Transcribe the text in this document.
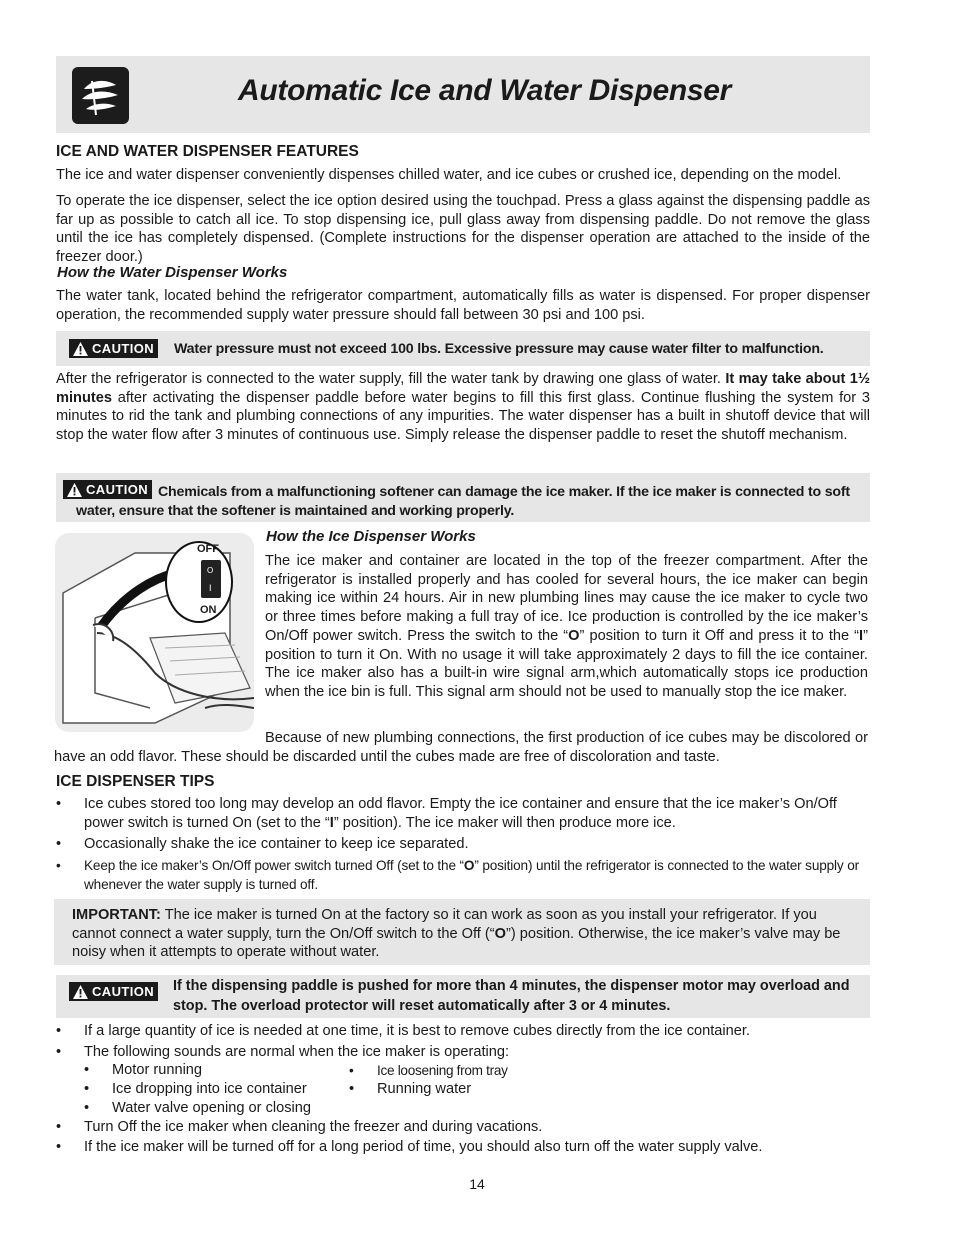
Automatic Ice and Water Dispenser
ICE AND WATER DISPENSER FEATURES
The ice and water dispenser conveniently dispenses chilled water, and ice cubes or crushed ice, depending on the model.
To operate the ice dispenser, select the ice option desired using the touchpad. Press a glass against the dispensing paddle as far up as possible to catch all ice. To stop dispensing ice, pull glass away from dispensing paddle. Do not remove the glass until the ice has completely dispensed. (Complete instructions for the dispenser operation are attached to the inside of the freezer door.)
How the Water Dispenser Works
The water tank, located behind the refrigerator compartment, automatically fills as water is dispensed. For proper dispenser operation, the recommended supply water pressure should fall between 30 psi and 100 psi.
CAUTION Water pressure must not exceed 100 lbs. Excessive pressure may cause water filter to malfunction.
After the refrigerator is connected to the water supply, fill the water tank by drawing one glass of water. It may take about 1½ minutes after activating the dispenser paddle before water begins to fill this first glass. Continue flushing the system for 3 minutes to rid the tank and plumbing connections of any impurities. The water dispenser has a built in shutoff device that will stop the water flow after 3 minutes of continuous use. Simply release the dispenser paddle to reset the shutoff mechanism.
CAUTION Chemicals from a malfunctioning softener can damage the ice maker. If the ice maker is connected to soft water, ensure that the softener is maintained and working properly.
OFF
O
I
ON
How the Ice Dispenser Works
The ice maker and container are located in the top of the freezer compartment. After the refrigerator is installed properly and has cooled for several hours, the ice maker can begin making ice within 24 hours. Air in new plumbing lines may cause the ice maker to cycle two or three times before making a full tray of ice. Ice production is controlled by the ice maker’s On/Off power switch. Press the switch to the “O” position to turn it Off and press it to the “I” position to turn it On. With no usage it will take approximately 2 days to fill the ice container. The ice maker also has a built-in wire signal arm,which automatically stops ice production when the ice bin is full. This signal arm should not be used to manually stop the ice maker.
Because of new plumbing connections, the first production of ice cubes may be discolored or have an odd flavor. These should be discarded until the cubes made are free of discoloration and taste.
ICE DISPENSER TIPS
• Ice cubes stored too long may develop an odd flavor. Empty the ice container and ensure that the ice maker’s On/Off power switch is turned On (set to the “I” position). The ice maker will then produce more ice.
• Occasionally shake the ice container to keep ice separated.
• Keep the ice maker’s On/Off power switch turned Off (set to the “O” position) until the refrigerator is connected to the water supply or whenever the water supply is turned off.
IMPORTANT: The ice maker is turned On at the factory so it can work as soon as you install your refrigerator. If you cannot connect a water supply, turn the On/Off switch to the Off (“O”) position. Otherwise, the ice maker’s valve may be noisy when it attempts to operate without water.
CAUTION If the dispensing paddle is pushed for more than 4 minutes, the dispenser motor may overload and stop. The overload protector will reset automatically after 3 or 4 minutes.
• If a large quantity of ice is needed at one time, it is best to remove cubes directly from the ice container.
• The following sounds are normal when the ice maker is operating:
• Motor running
• Ice dropping into ice container
• Water valve opening or closing
• Ice loosening from tray
• Running water
• Turn Off the ice maker when cleaning the freezer and during vacations.
• If the ice maker will be turned off for a long period of time, you should also turn off the water supply valve.
14
